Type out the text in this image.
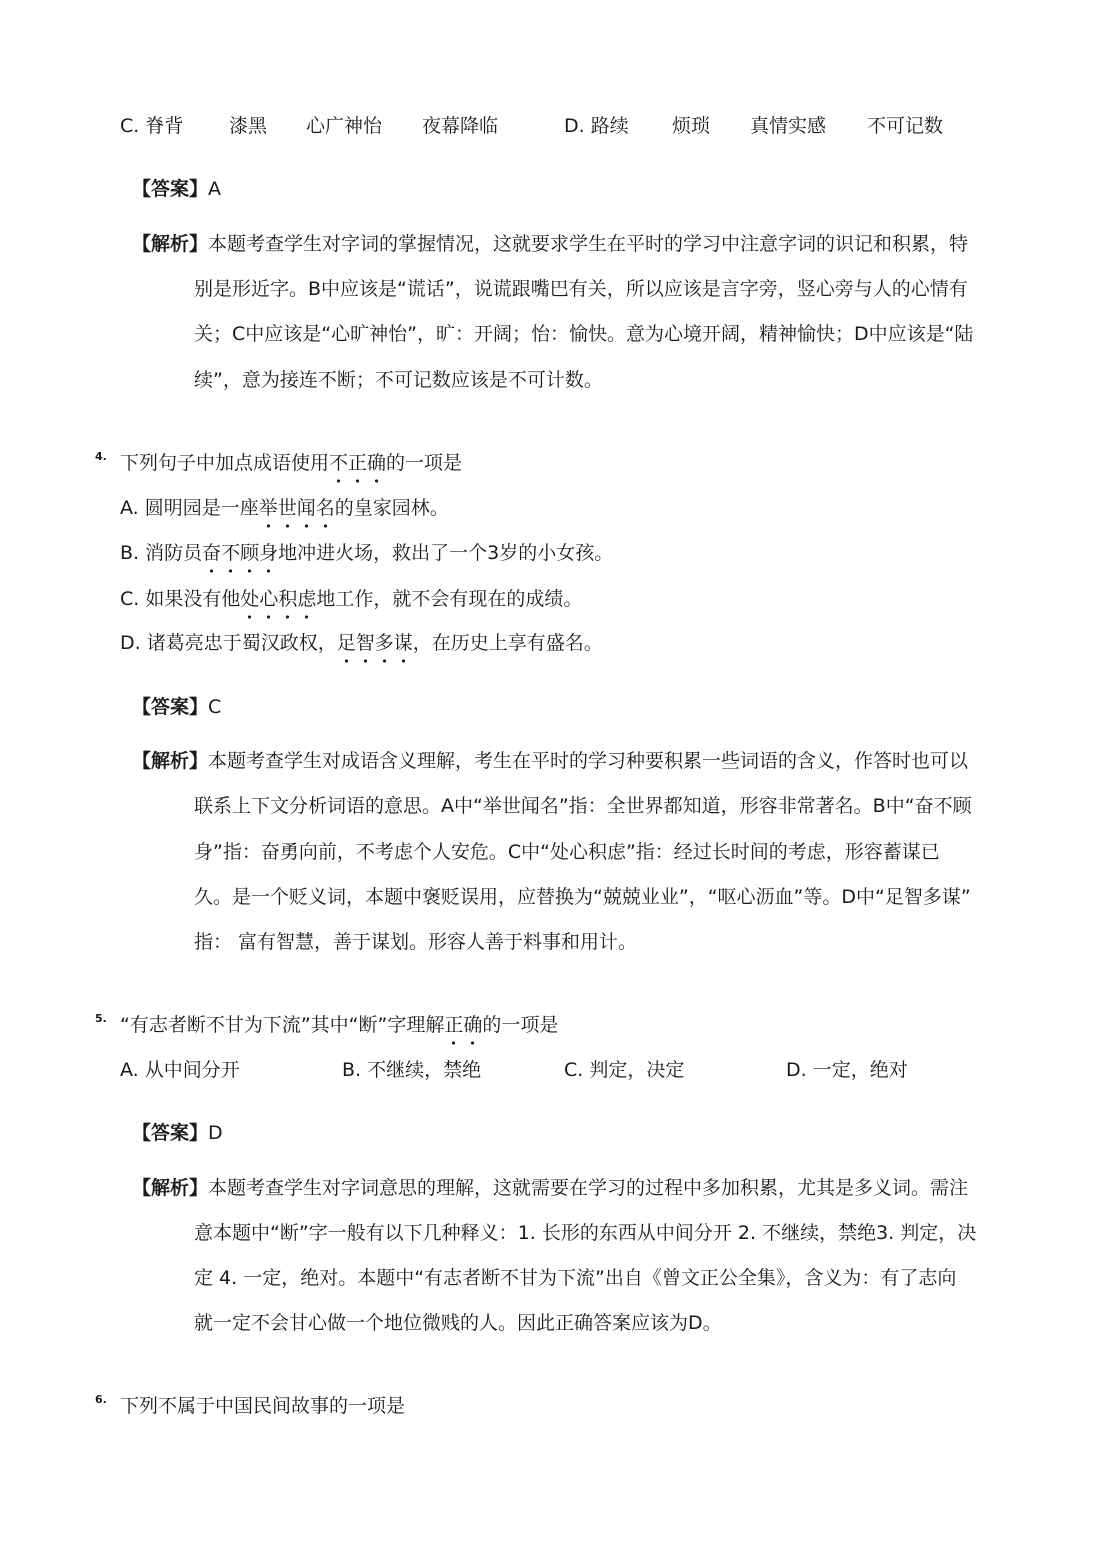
C. 脊背 漆黑 心广神怡 夜幕降临	D. 路续 烦琐 真情实感 不可记数
【答案】A
【解析】本题考查学生对字词的掌握情况，这就要求学生在平时的学习中注意字词的识记和积累，特
别是形近字。B中应该是“谎话”，说谎跟嘴巴有关，所以应该是言字旁，竖心旁与人的心情有
关；C中应该是“心旷神怡”，旷：开阔；怡：愉快。意为心境开阔，精神愉快；D中应该是“陆
续”，意为接连不断；不可记数应该是不可计数。
4. 下列句子中加点成语使用不正确的一项是
A. 圆明园是一座举世闻名的皇家园林。
B. 消防员奋不顾身地冲进火场，救出了一个3岁的小女孩。
C. 如果没有他处心积虑地工作，就不会有现在的成绩。
D. 诸葛亮忠于蜀汉政权，足智多谋，在历史上享有盛名。
【答案】C
【解析】本题考查学生对成语含义理解，考生在平时的学习种要积累一些词语的含义，作答时也可以
联系上下文分析词语的意思。A中“举世闻名”指：全世界都知道，形容非常著名。B中“奋不顾
身”指：奋勇向前，不考虑个人安危。C中“处心积虑”指：经过长时间的考虑，形容蓄谋已
久。是一个贬义词，本题中褒贬误用，应替换为“兢兢业业”，“呕心沥血”等。D中“足智多谋”
指： 富有智慧，善于谋划。形容人善于料事和用计。
5. “有志者断不甘为下流”其中“断”字理解正确的一项是
A. 从中间分开	B. 不继续，禁绝	C. 判定，决定	D. 一定，绝对
【答案】D
【解析】本题考查学生对字词意思的理解，这就需要在学习的过程中多加积累，尤其是多义词。需注
意本题中“断”字一般有以下几种释义：1. 长形的东西从中间分开 2. 不继续，禁绝3. 判定，决
定 4. 一定，绝对。本题中“有志者断不甘为下流”出自《曾文正公全集》，含义为：有了志向
就一定不会甘心做一个地位微贱的人。因此正确答案应该为D。
6. 下列不属于中国民间故事的一项是
